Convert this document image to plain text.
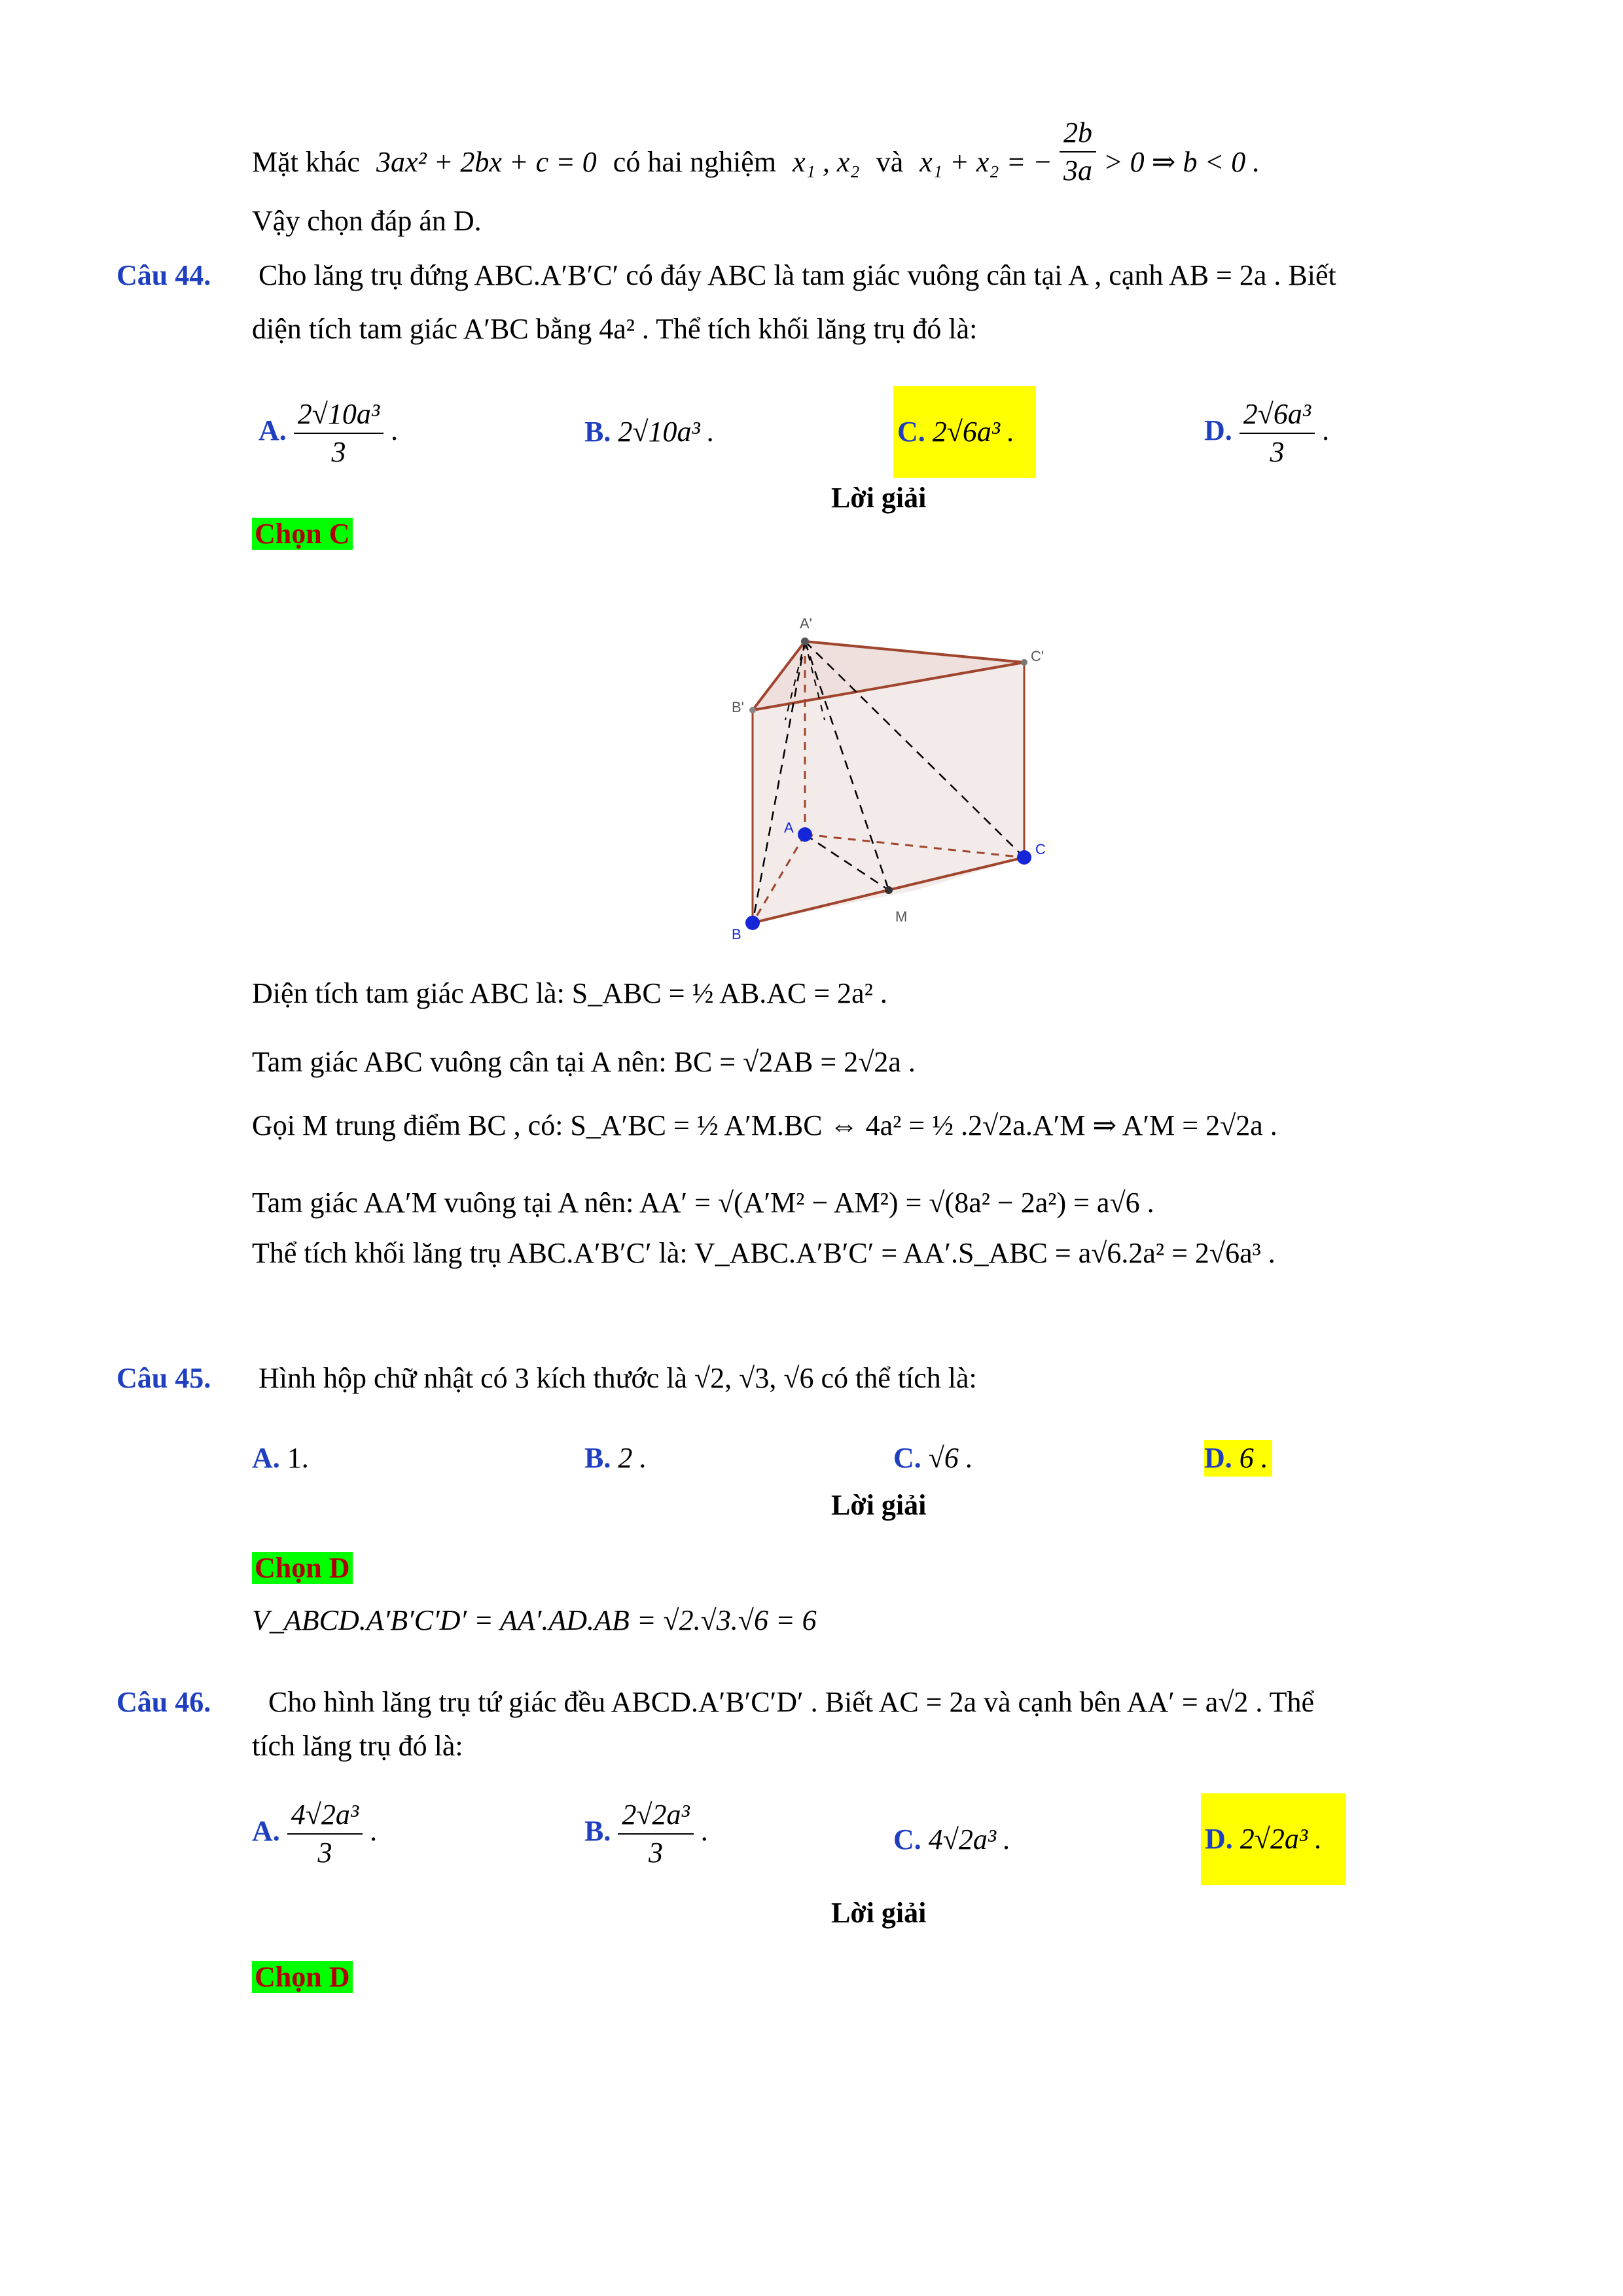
Mặt khác 3ax² + 2bx + c = 0 có hai nghiệm x₁ , x₂ và x₁ + x₂ = − $\frac{2b}{3a} > 0$ ⇒ b < 0 .
Vậy chọn đáp án D.
Câu 44. Cho lăng trụ đứng ABC.A′B′C′ có đáy ABC là tam giác vuông cân tại A , cạnh AB = 2a . Biết
diện tích tam giác A′BC bằng 4a² . Thể tích khối lăng trụ đó là:
A. $\frac{\text{2√10a³}}{3}$ .	B. 2√10a³ .	C. 2√6a³ .	D. $\frac{\text{2√6a³}}{3}$ .
Lời giải
Chọn C
A'
C'
B'
A
C
B
M
Diện tích tam giác ABC là: S_ABC = ½ AB.AC = 2a² .
Tam giác ABC vuông cân tại A nên: BC = √2AB = 2√2a .
Gọi M trung điểm BC , có: S_A′BC = ½ A′M.BC ⇔ 4a² = ½ .2√2a.A′M ⇒ A′M = 2√2a .
Tam giác AA′M vuông tại A nên: AA′ = √(A′M² − AM²) = √(8a² − 2a²) = a√6 .
Thể tích khối lăng trụ ABC.A′B′C′ là: V_ABC.A′B′C′ = AA′.S_ABC = a√6.2a² = 2√6a³ .
Câu 45. Hình hộp chữ nhật có 3 kích thước là √2, √3, √6 có thể tích là:
A. 1.	B. 2 .	C. √6 .	D. 6 .
Lời giải
Chọn D
V_ABCD.A′B′C′D′ = AA′.AD.AB = √2.√3.√6 = 6
Câu 46. Cho hình lăng trụ tứ giác đều ABCD.A′B′C′D′ . Biết AC = 2a và cạnh bên AA′ = a√2 . Thể
tích lăng trụ đó là:
A. $\frac{\text{4√2a³}}{3}$ .	B. $\frac{\text{2√2a³}}{3}$ .	C. 4√2a³ .	D. 2√2a³ .
Lời giải
Chọn D
